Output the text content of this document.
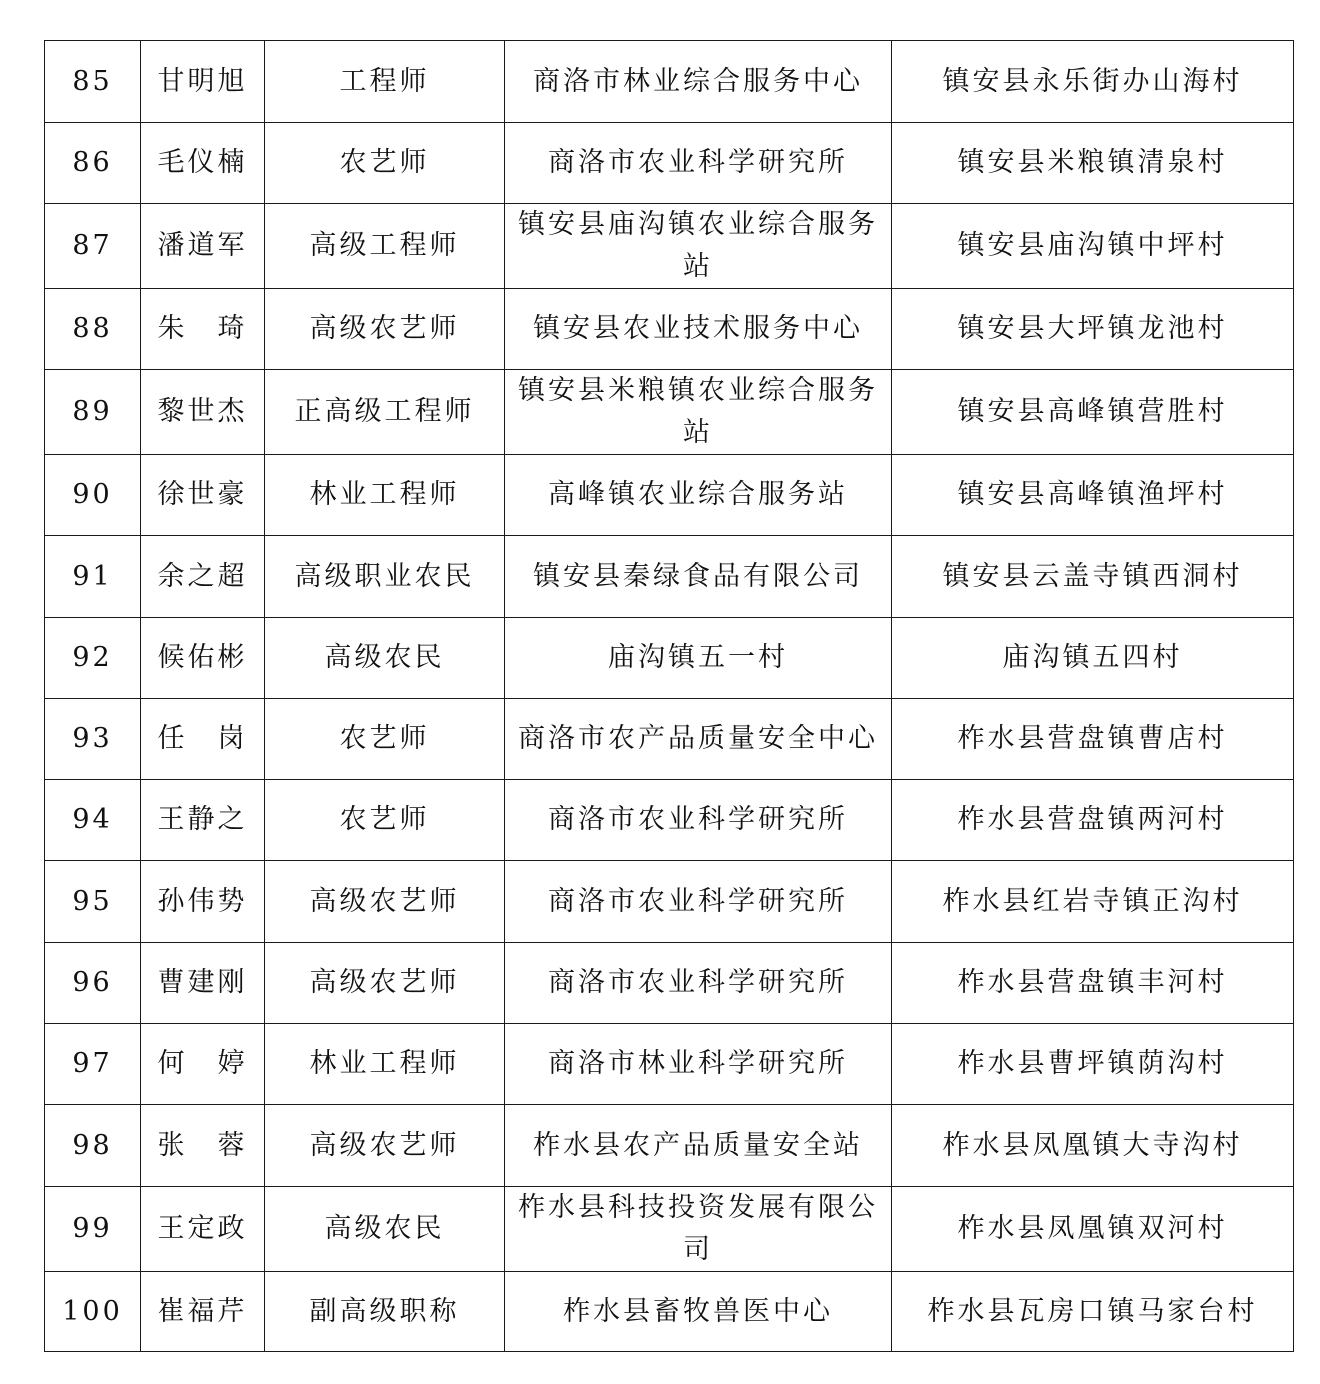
85	甘明旭	工程师	商洛市林业综合服务中心	镇安县永乐街办山海村
86	毛仪楠	农艺师	商洛市农业科学研究所	镇安县米粮镇清泉村
87	潘道军	高级工程师	镇安县庙沟镇农业综合服务站	镇安县庙沟镇中坪村
88	朱　琦	高级农艺师	镇安县农业技术服务中心	镇安县大坪镇龙池村
89	黎世杰	正高级工程师	镇安县米粮镇农业综合服务站	镇安县高峰镇营胜村
90	徐世豪	林业工程师	高峰镇农业综合服务站	镇安县高峰镇渔坪村
91	余之超	高级职业农民	镇安县秦绿食品有限公司	镇安县云盖寺镇西洞村
92	候佑彬	高级农民	庙沟镇五一村	庙沟镇五四村
93	任　岗	农艺师	商洛市农产品质量安全中心	柞水县营盘镇曹店村
94	王静之	农艺师	商洛市农业科学研究所	柞水县营盘镇两河村
95	孙伟势	高级农艺师	商洛市农业科学研究所	柞水县红岩寺镇正沟村
96	曹建刚	高级农艺师	商洛市农业科学研究所	柞水县营盘镇丰河村
97	何　婷	林业工程师	商洛市林业科学研究所	柞水县曹坪镇荫沟村
98	张　蓉	高级农艺师	柞水县农产品质量安全站	柞水县凤凰镇大寺沟村
99	王定政	高级农民	柞水县科技投资发展有限公司	柞水县凤凰镇双河村
100	崔福芹	副高级职称	柞水县畜牧兽医中心	柞水县瓦房口镇马家台村
